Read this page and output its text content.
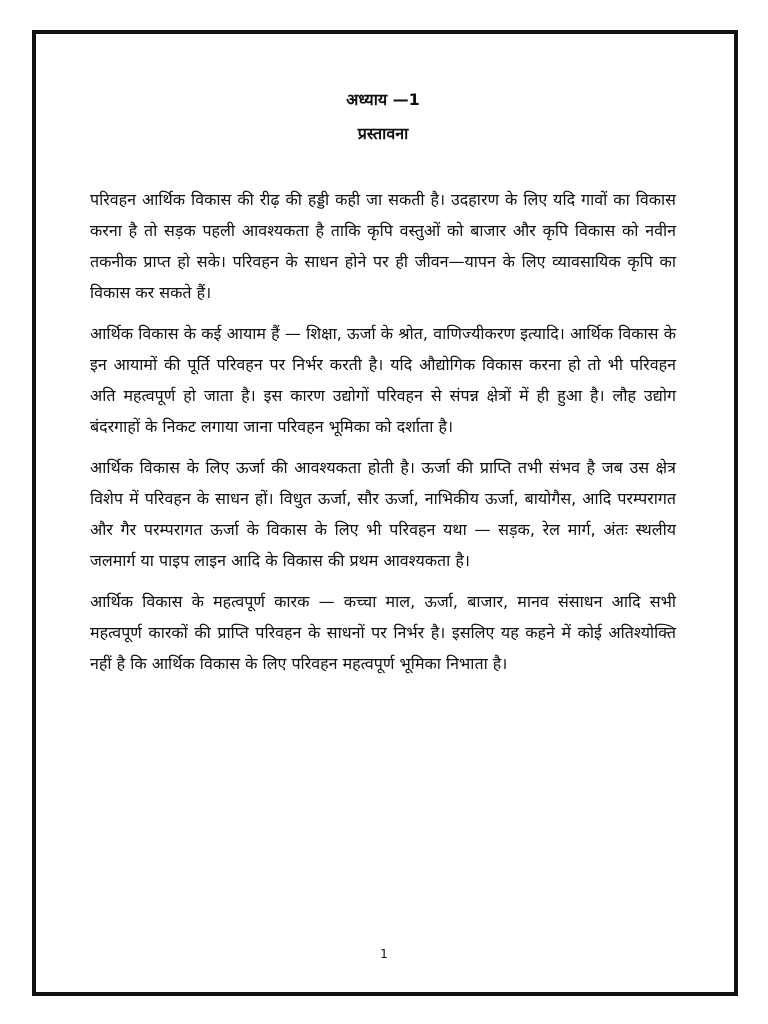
अध्याय —1
प्रस्तावना

परिवहन आर्थिक विकास की रीढ़ की हड्डी कही जा सकती है। उदहारण के लिए यदि गावों का विकास करना है तो सड़क पहली आवश्यकता है ताकि कृपि वस्तुओं को बाजार और कृपि विकास को नवीन तकनीक प्राप्त हो सके। परिवहन के साधन होने पर ही जीवन—यापन के लिए व्यावसायिक कृपि का विकास कर सकते हैं।

आर्थिक विकास के कई आयाम हैं — शिक्षा, ऊर्जा के श्रोत, वाणिज्यीकरण इत्यादि। आर्थिक विकास के इन आयामों की पूर्ति परिवहन पर निर्भर करती है। यदि औद्योगिक विकास करना हो तो भी परिवहन अति महत्वपूर्ण हो जाता है। इस कारण उद्योगों परिवहन से संपन्न क्षेत्रों में ही हुआ है। लौह उद्योग बंदरगाहों के निकट लगाया जाना परिवहन भूमिका को दर्शाता है।

आर्थिक विकास के लिए ऊर्जा की आवश्यकता होती है। ऊर्जा की प्राप्ति तभी संभव है जब उस क्षेत्र विशेप में परिवहन के साधन हों। विधुत ऊर्जा, सौर ऊर्जा, नाभिकीय ऊर्जा, बायोगैस, आदि परम्परागत और गैर परम्परागत ऊर्जा के विकास के लिए भी परिवहन यथा — सड़क, रेल मार्ग, अंतः स्थलीय जलमार्ग या पाइप लाइन आदि के विकास की प्रथम आवश्यकता है।

आर्थिक विकास के महत्वपूर्ण कारक — कच्चा माल, ऊर्जा, बाजार, मानव संसाधन आदि सभी महत्वपूर्ण कारकों की प्राप्ति परिवहन के साधनों पर निर्भर है। इसलिए यह कहने में कोई अतिश्योक्ति नहीं है कि आर्थिक विकास के लिए परिवहन महत्वपूर्ण भूमिका निभाता है।

1
